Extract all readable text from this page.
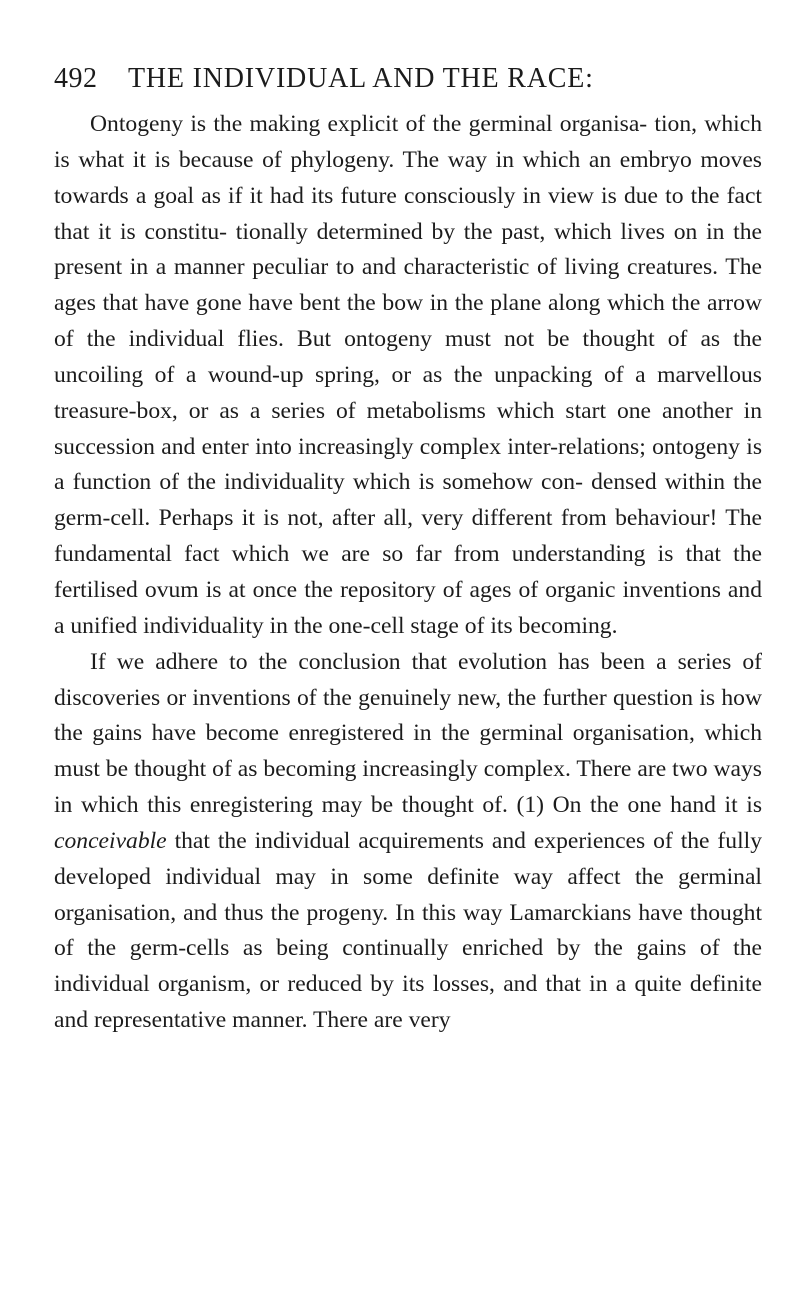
492	THE INDIVIDUAL AND THE RACE:

Ontogeny is the making explicit of the germinal organisa- tion, which is what it is because of phylogeny. The way in which an embryo moves towards a goal as if it had its future consciously in view is due to the fact that it is constitu- tionally determined by the past, which lives on in the present in a manner peculiar to and characteristic of living creatures. The ages that have gone have bent the bow in the plane along which the arrow of the individual flies. But ontogeny must not be thought of as the uncoiling of a wound-up spring, or as the unpacking of a marvellous treasure-box, or as a series of metabolisms which start one another in succession and enter into increasingly complex inter-relations; ontogeny is a function of the individuality which is somehow con- densed within the germ-cell. Perhaps it is not, after all, very different from behaviour! The fundamental fact which we are so far from understanding is that the fertilised ovum is at once the repository of ages of organic inventions and a unified individuality in the one-cell stage of its becoming.

If we adhere to the conclusion that evolution has been a series of discoveries or inventions of the genuinely new, the further question is how the gains have become enregistered in the germinal organisation, which must be thought of as becoming increasingly complex. There are two ways in which this enregistering may be thought of. (1) On the one hand it is conceivable that the individual acquirements and experiences of the fully developed individual may in some definite way affect the germinal organisation, and thus the progeny. In this way Lamarckians have thought of the germ-cells as being continually enriched by the gains of the individual organism, or reduced by its losses, and that in a quite definite and representative manner. There are very
